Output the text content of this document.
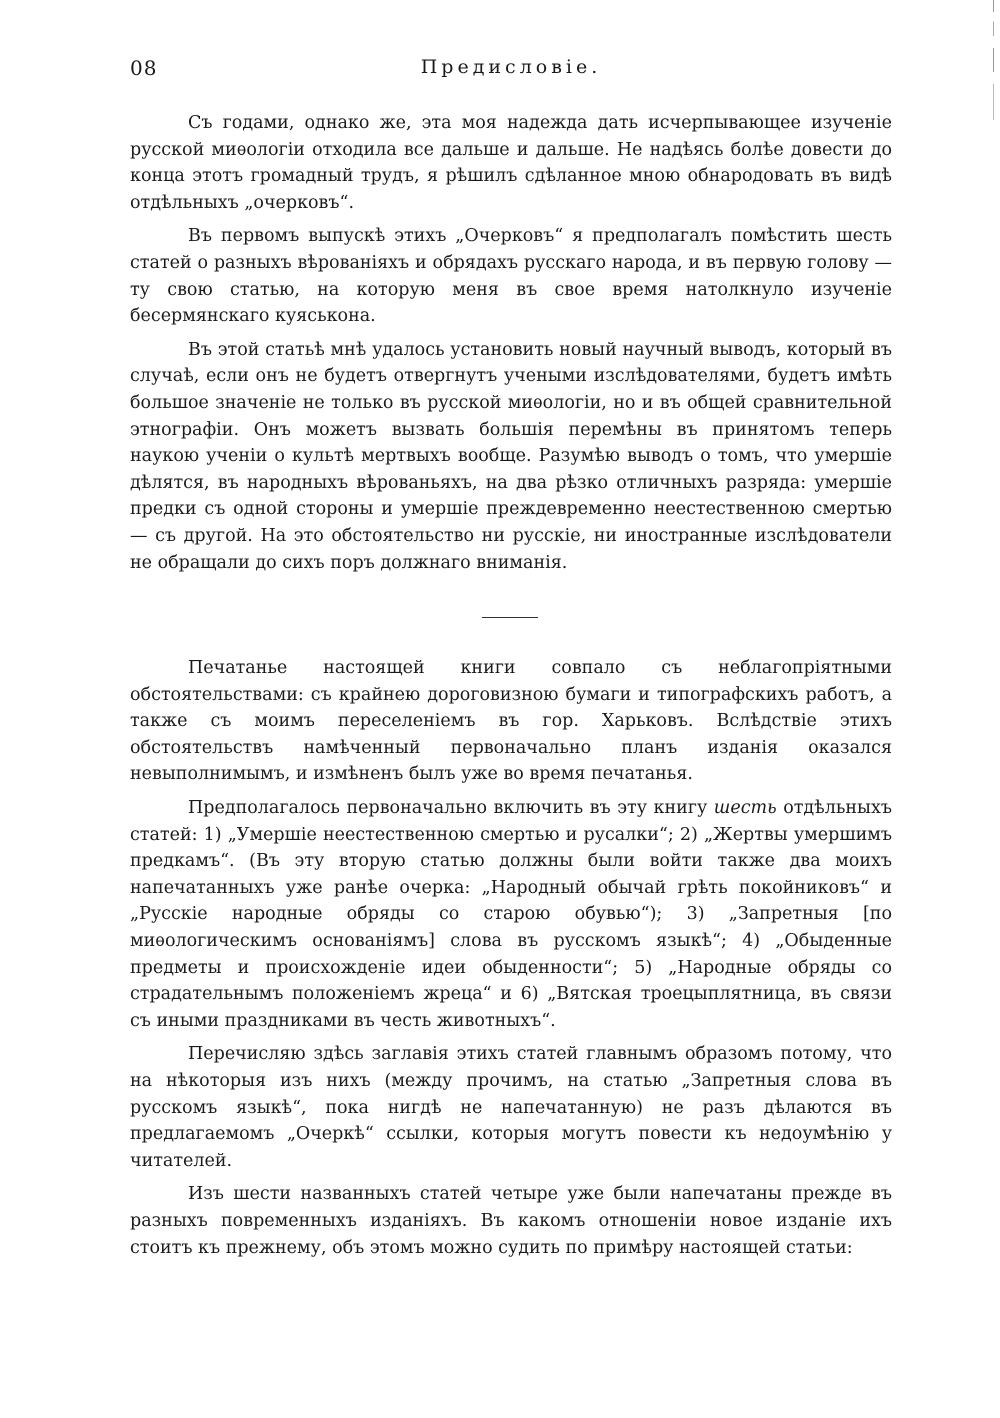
08	Предисловіе.

Съ годами, однако же, эта моя надежда дать исчерпывающее изученіе русской миѳологіи отходила все дальше и дальше. Не надѣясь болѣе довести до конца этотъ громадный трудъ, я рѣшилъ сдѣланное мною обнародовать въ видѣ отдѣльныхъ „очерковъ“.

Въ первомъ выпускѣ этихъ „Очерковъ“ я предполагалъ помѣстить шесть статей о разныхъ вѣрованіяхъ и обрядахъ русскаго народа, и въ первую голову — ту свою статью, на которую меня въ свое время натолкнуло изученіе бесермянскаго куяськона.

Въ этой статьѣ мнѣ удалось установить новый научный выводъ, который въ случаѣ, если онъ не будетъ отвергнутъ учеными изслѣдователями, будетъ имѣть большое значеніе не только въ русской миѳологіи, но и въ общей сравнительной этнографіи. Онъ можетъ вызвать большія перемѣны въ принятомъ теперь наукою ученіи о культѣ мертвыхъ вообще. Разумѣю выводъ о томъ, что умершіе дѣлятся, въ народныхъ вѣрованьяхъ, на два рѣзко отличныхъ разряда: умершіе предки съ одной стороны и умершіе преждевременно неестественною смертью — съ другой. На это обстоятельство ни русскіе, ни иностранные изслѣдователи не обращали до сихъ поръ должнаго вниманія.

Печатанье настоящей книги совпало съ неблагопріятными обстоятельствами: съ крайнею дороговизною бумаги и типографскихъ работъ, а также съ моимъ переселеніемъ въ гор. Харьковъ. Вслѣдствіе этихъ обстоятельствъ намѣченный первоначально планъ изданія оказался невыполнимымъ, и измѣненъ былъ уже во время печатанья.

Предполагалось первоначально включить въ эту книгу шесть отдѣльныхъ статей: 1) „Умершіе неестественною смертью и русалки“; 2) „Жертвы умершимъ предкамъ“. (Въ эту вторую статью должны были войти также два моихъ напечатанныхъ уже ранѣе очерка: „Народный обычай грѣть покойниковъ“ и „Русскіе народные обряды со старою обувью“); 3) „Запретныя [по миѳологическимъ основаніямъ] слова въ русскомъ языкѣ“; 4) „Обыденные предметы и происхожденіе идеи обыденности“; 5) „Народные обряды со страдательнымъ положеніемъ жреца“ и 6) „Вятская троецыплятница, въ связи съ иными праздниками въ честь животныхъ“.

Перечисляю здѣсь заглавія этихъ статей главнымъ образомъ потому, что на нѣкоторыя изъ нихъ (между прочимъ, на статью „Запретныя слова въ русскомъ языкѣ“, пока нигдѣ не напечатанную) не разъ дѣлаются въ предлагаемомъ „Очеркѣ“ ссылки, которыя могутъ повести къ недоумѣнію у читателей.

Изъ шести названныхъ статей четыре уже были напечатаны прежде въ разныхъ повременныхъ изданіяхъ. Въ какомъ отношеніи новое изданіе ихъ стоитъ къ прежнему, объ этомъ можно судить по примѣру настоящей статьи:
